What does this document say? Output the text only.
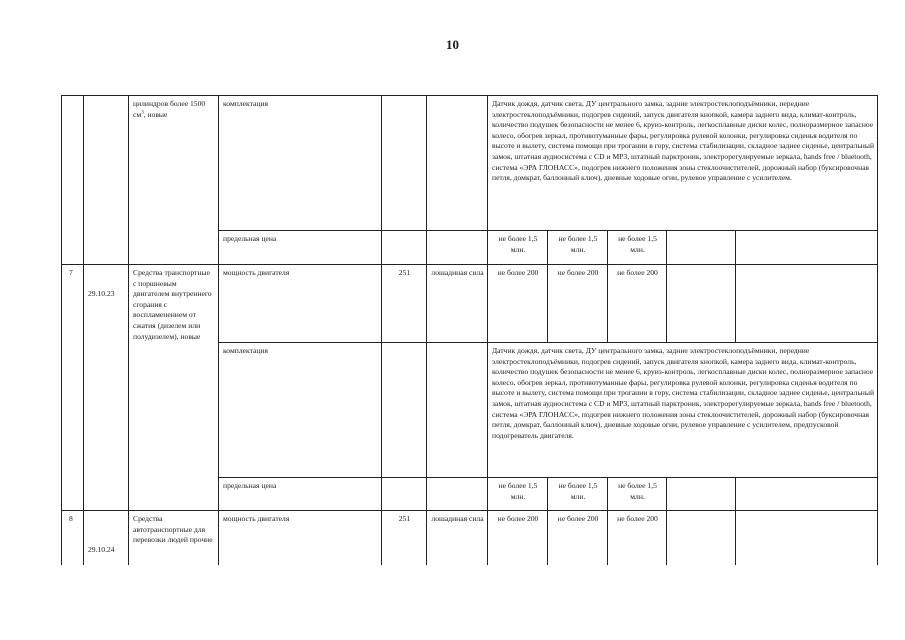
10
		цилиндров более 1500 $см^3$, новые	комплектация			Датчик дождя, датчик света, ДУ центрального замка, задние электростеклоподъёмники, передние электростеклоподъёмники, подогрев сидений, запуск двигателя кнопкой, камера заднего вида, климат-контроль, количество подушек безопасности не менее 6, круиз-контроль, легкосплавные диски колес, полноразмерное запасное колесо, обогрев зеркал, противотуманные фары, регулировка рулевой колонки, регулировка сиденья водителя по высоте и вылету, система помощи при трогании в гору, система стабилизации, складное заднее сиденье, центральный замок, штатная аудиосистема с CD и MP3, штатный парктроник, электрорегулируемые зеркала, hands free / bluetooth, система «ЭРА ГЛОНАСС», подогрев нижнего положения зоны стеклоочистителей, дорожный набор (буксировочная петля, домкрат, баллонный ключ), дневные ходовые огни, рулевое управление с усилителем.				
			предельная цена			не более 1,5 млн.	не более 1,5 млн.	не более 1,5 млн.		
7	29.10.23	Средства транспортные с поршневым двигателем внутреннего сгорания с воспламенением от сжатия (дизелем или полудизелем), новые	мощность двигателя	251	лошадиная сила	не более 200	не более 200	не более 200		
			комплектация			Датчик дождя, датчик света, ДУ центрального замка, задние электростеклоподъёмники, передние электростеклоподъёмники, подогрев сидений, запуск двигателя кнопкой, камера заднего вида, климат-контроль, количество подушек безопасности не менее 6, круиз-контроль, легкосплавные диски колес, полноразмерное запасное колесо, обогрев зеркал, противотуманные фары, регулировка рулевой колонки, регулировка сиденья водителя по высоте и вылету, система помощи при трогании в гору, система стабилизации, складное заднее сиденье, центральный замок, штатная аудиосистема с CD и MP3, штатный парктроник, электрорегулируемые зеркала, hands free / bluetooth, система «ЭРА ГЛОНАСС», подогрев нижнего положения зоны стеклоочистителей, дорожный набор (буксировочная петля, домкрат, баллонный ключ), дневные ходовые огни, рулевое управление с усилителем, предпусковой подогреватель двигателя.				
			предельная цена			не более 1,5 млн.	не более 1,5 млн.	не более 1,5 млн.		
8	29.10.24	Средства автотранспортные для перевозки людей прочие	мощность двигателя	251	лошадиная сила	не более 200	не более 200	не более 200		
